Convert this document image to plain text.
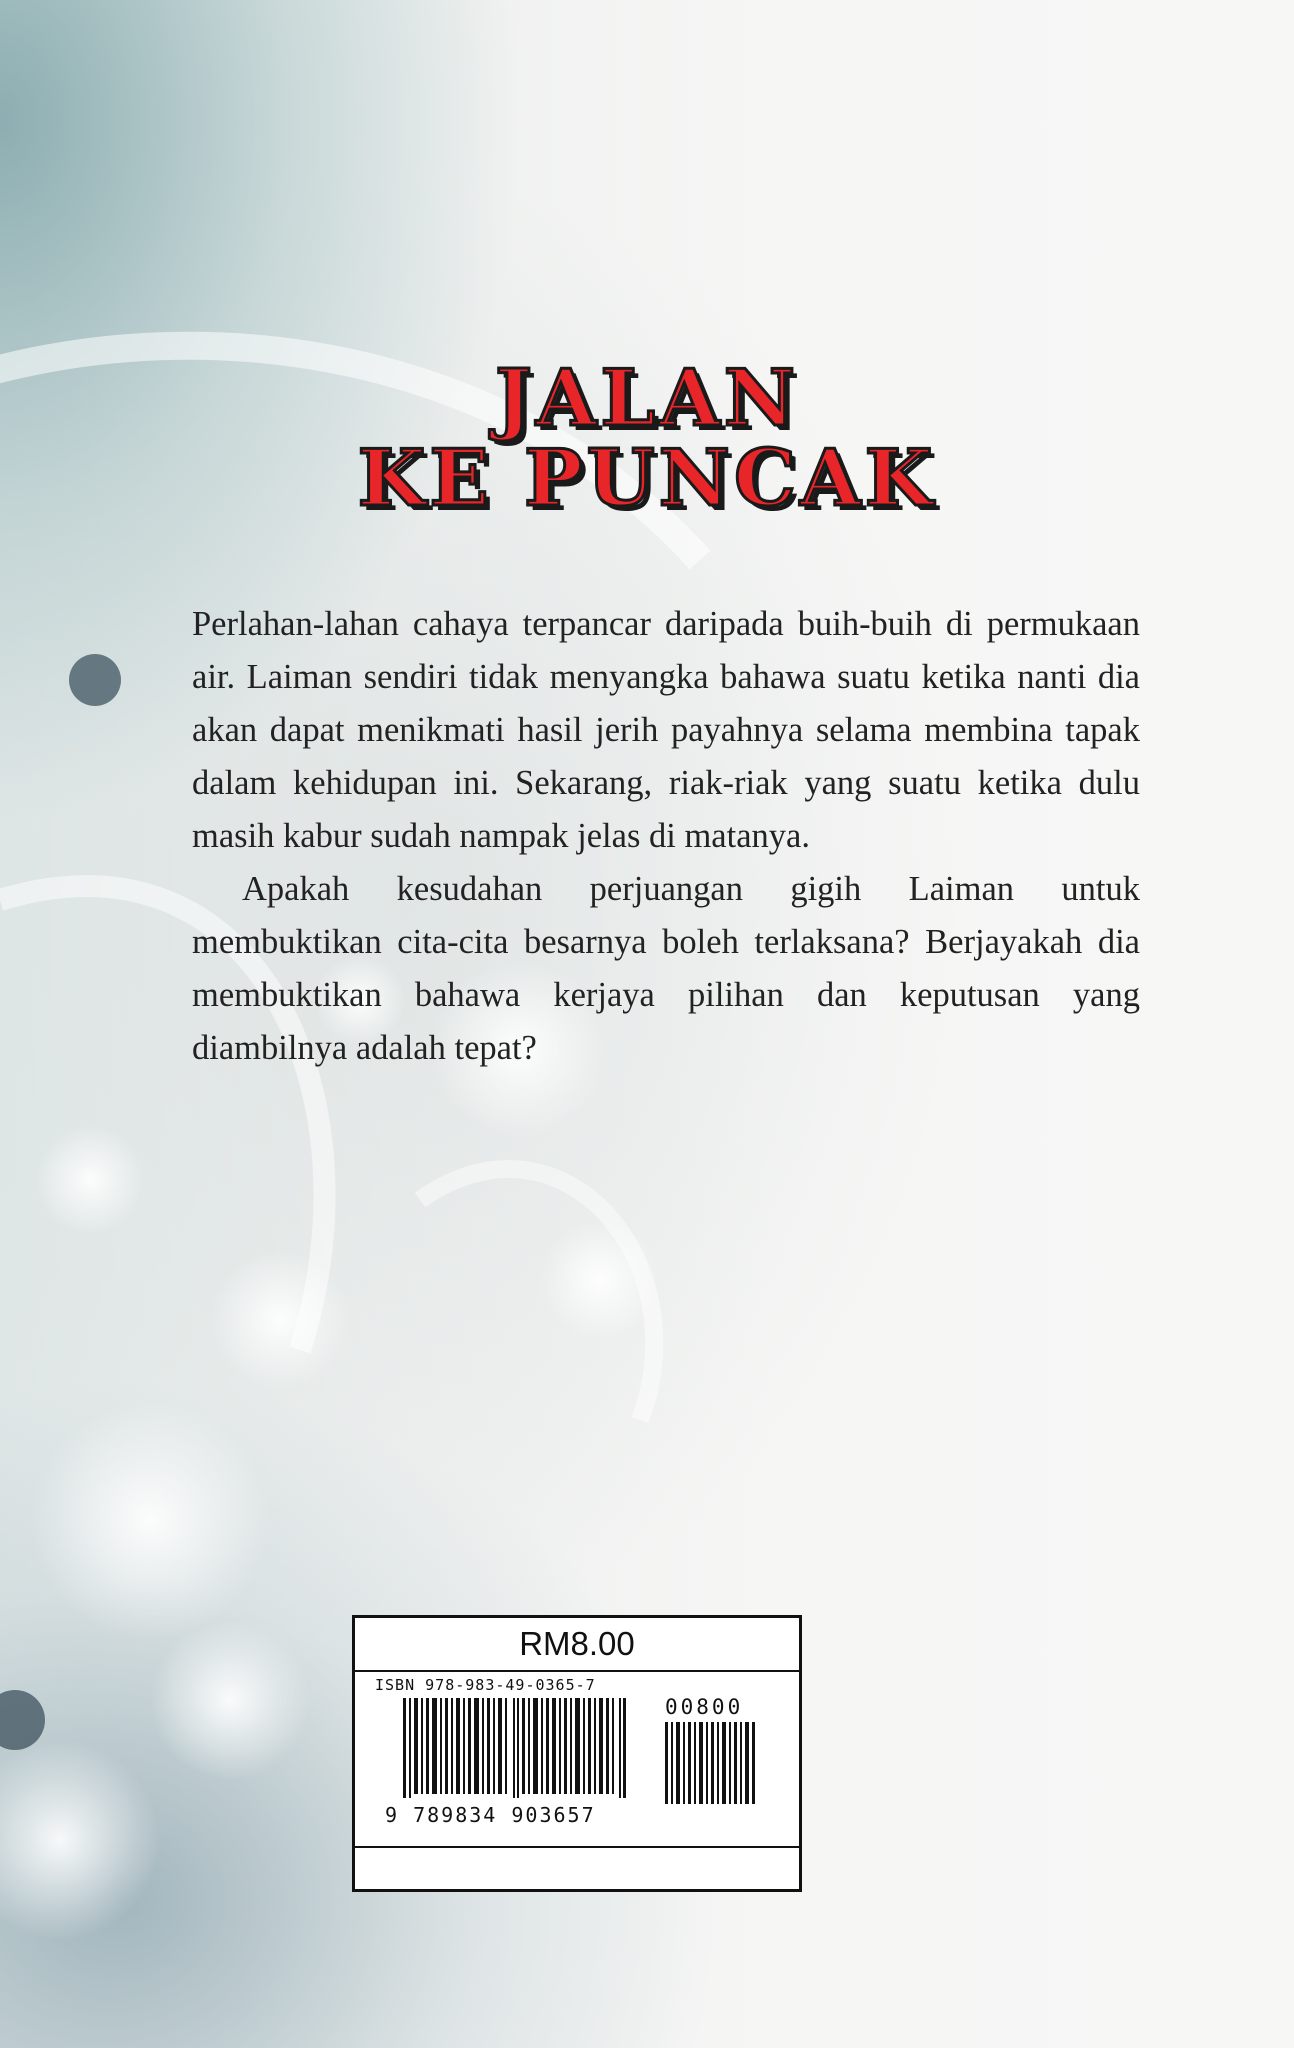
JALAN
KE PUNCAK

Perlahan-lahan cahaya terpancar daripada buih-buih di permukaan air. Laiman sendiri tidak menyangka bahawa suatu ketika nanti dia akan dapat menikmati hasil jerih payahnya selama membina tapak dalam kehidupan ini. Sekarang, riak-riak yang suatu ketika dulu masih kabur sudah nampak jelas di matanya.

Apakah kesudahan perjuangan gigih Laiman untuk membuktikan cita-cita besarnya boleh terlaksana? Berjayakah dia membuktikan bahawa kerjaya pilihan dan keputusan yang diambilnya adalah tepat?

RM8.00
ISBN 978-983-49-0365-7
00800
9 789834 903657
